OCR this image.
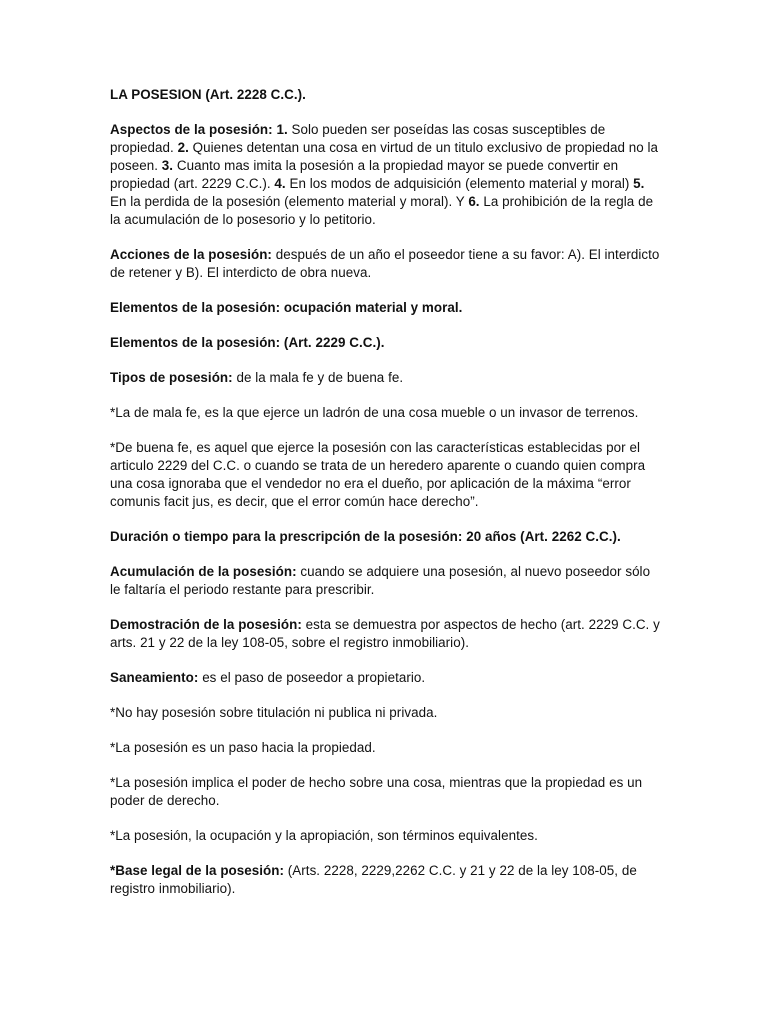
LA POSESION (Art. 2228 C.C.).

Aspectos de la posesión: 1. Solo pueden ser poseídas las cosas susceptibles de propiedad. 2. Quienes detentan una cosa en virtud de un titulo exclusivo de propiedad no la poseen. 3. Cuanto mas imita la posesión a la propiedad mayor se puede convertir en propiedad (art. 2229 C.C.). 4. En los modos de adquisición (elemento material y moral) 5. En la perdida de la posesión (elemento material y moral). Y 6. La prohibición de la regla de la acumulación de lo posesorio y lo petitorio.

Acciones de la posesión: después de un año el poseedor tiene a su favor: A). El interdicto de retener y B). El interdicto de obra nueva.

Elementos de la posesión: ocupación material y moral.

Elementos de la posesión: (Art. 2229 C.C.).

Tipos de posesión: de la mala fe y de buena fe.

*La de mala fe, es la que ejerce un ladrón de una cosa mueble o un invasor de terrenos.

*De buena fe, es aquel que ejerce la posesión con las características establecidas por el articulo 2229 del C.C. o cuando se trata de un heredero aparente o cuando quien compra una cosa ignoraba que el vendedor no era el dueño, por aplicación de la máxima “error comunis facit jus, es decir, que el error común hace derecho”.

Duración o tiempo para la prescripción de la posesión: 20 años (Art. 2262 C.C.).

Acumulación de la posesión: cuando se adquiere una posesión, al nuevo poseedor sólo le faltaría el periodo restante para prescribir.

Demostración de la posesión: esta se demuestra por aspectos de hecho (art. 2229 C.C. y arts. 21 y 22 de la ley 108-05, sobre el registro inmobiliario).

Saneamiento: es el paso de poseedor a propietario.

*No hay posesión sobre titulación ni publica ni privada.

*La posesión es un paso hacia la propiedad.

*La posesión implica el poder de hecho sobre una cosa, mientras que la propiedad es un poder de derecho.

*La posesión, la ocupación y la apropiación, son términos equivalentes.

*Base legal de la posesión: (Arts. 2228, 2229,2262 C.C. y 21 y 22 de la ley 108-05, de registro inmobiliario).
